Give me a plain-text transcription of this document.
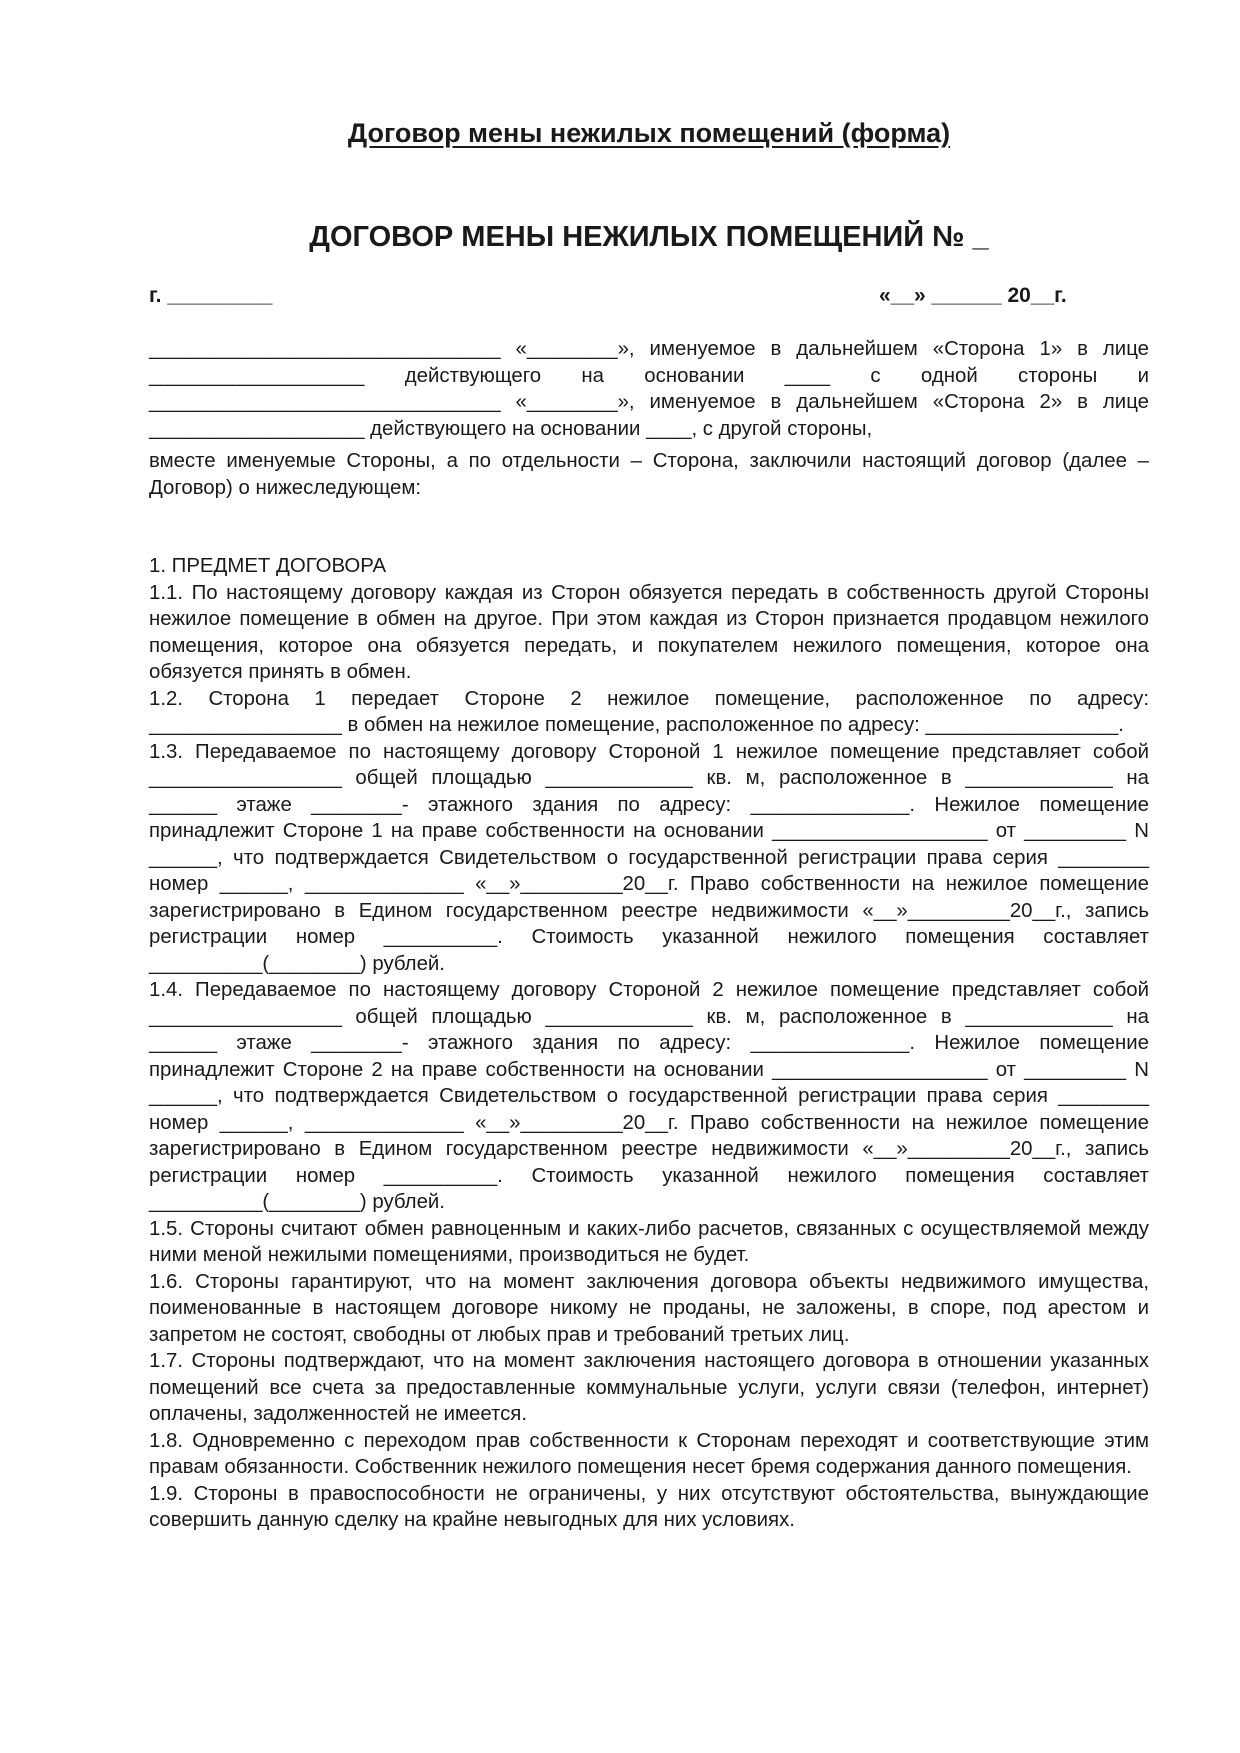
Договор мены нежилых помещений (форма)
ДОГОВОР МЕНЫ НЕЖИЛЫХ ПОМЕЩЕНИЙ № _
г. _________	«__» ______ 20__г.

_______________________________ «________», именуемое в дальнейшем «Сторона 1» в лице ___________________ действующего на основании ____ с одной стороны и _______________________________ «________», именуемое в дальнейшем «Сторона 2» в лице ___________________ действующего на основании ____, с другой стороны,

вместе именуемые Стороны, а по отдельности – Сторона, заключили настоящий договор (далее – Договор) о нижеследующем:

1. ПРЕДМЕТ ДОГОВОРА

1.1. По настоящему договору каждая из Сторон обязуется передать в собственность другой Стороны нежилое помещение в обмен на другое. При этом каждая из Сторон признается продавцом нежилого помещения, которое она обязуется передать, и покупателем нежилого помещения, которое она обязуется принять в обмен.

1.2. Сторона 1 передает Стороне 2 нежилое помещение, расположенное по адресу: _________________ в обмен на нежилое помещение, расположенное по адресу: _________________.

1.3. Передаваемое по настоящему договору Стороной 1 нежилое помещение представляет собой _________________ общей площадью _____________ кв. м, расположенное в _____________ на ______ этаже ________- этажного здания по адресу: ______________. Нежилое помещение принадлежит Стороне 1 на праве собственности на основании ___________________ от _________ N ______, что подтверждается Свидетельством о государственной регистрации права серия ________ номер ______, ______________ «__»_________20__г. Право собственности на нежилое помещение зарегистрировано в Едином государственном реестре недвижимости «__»_________20__г., запись регистрации номер __________. Стоимость указанной нежилого помещения составляет __________(________) рублей.

1.4. Передаваемое по настоящему договору Стороной 2 нежилое помещение представляет собой _________________ общей площадью _____________ кв. м, расположенное в _____________ на ______ этаже ________- этажного здания по адресу: ______________. Нежилое помещение принадлежит Стороне 2 на праве собственности на основании ___________________ от _________ N ______, что подтверждается Свидетельством о государственной регистрации права серия ________ номер ______, ______________ «__»_________20__г. Право собственности на нежилое помещение зарегистрировано в Едином государственном реестре недвижимости «__»_________20__г., запись регистрации номер __________. Стоимость указанной нежилого помещения составляет __________(________) рублей.

1.5. Стороны считают обмен равноценным и каких-либо расчетов, связанных с осуществляемой между ними меной нежилыми помещениями, производиться не будет.

1.6. Стороны гарантируют, что на момент заключения договора объекты недвижимого имущества, поименованные в настоящем договоре никому не проданы, не заложены, в споре, под арестом и запретом не состоят, свободны от любых прав и требований третьих лиц.

1.7. Стороны подтверждают, что на момент заключения настоящего договора в отношении указанных помещений все счета за предоставленные коммунальные услуги, услуги связи (телефон, интернет) оплачены, задолженностей не имеется.

1.8. Одновременно с переходом прав собственности к Сторонам переходят и соответствующие этим правам обязанности. Собственник нежилого помещения несет бремя содержания данного помещения.

1.9. Стороны в правоспособности не ограничены, у них отсутствуют обстоятельства, вынуждающие совершить данную сделку на крайне невыгодных для них условиях.
